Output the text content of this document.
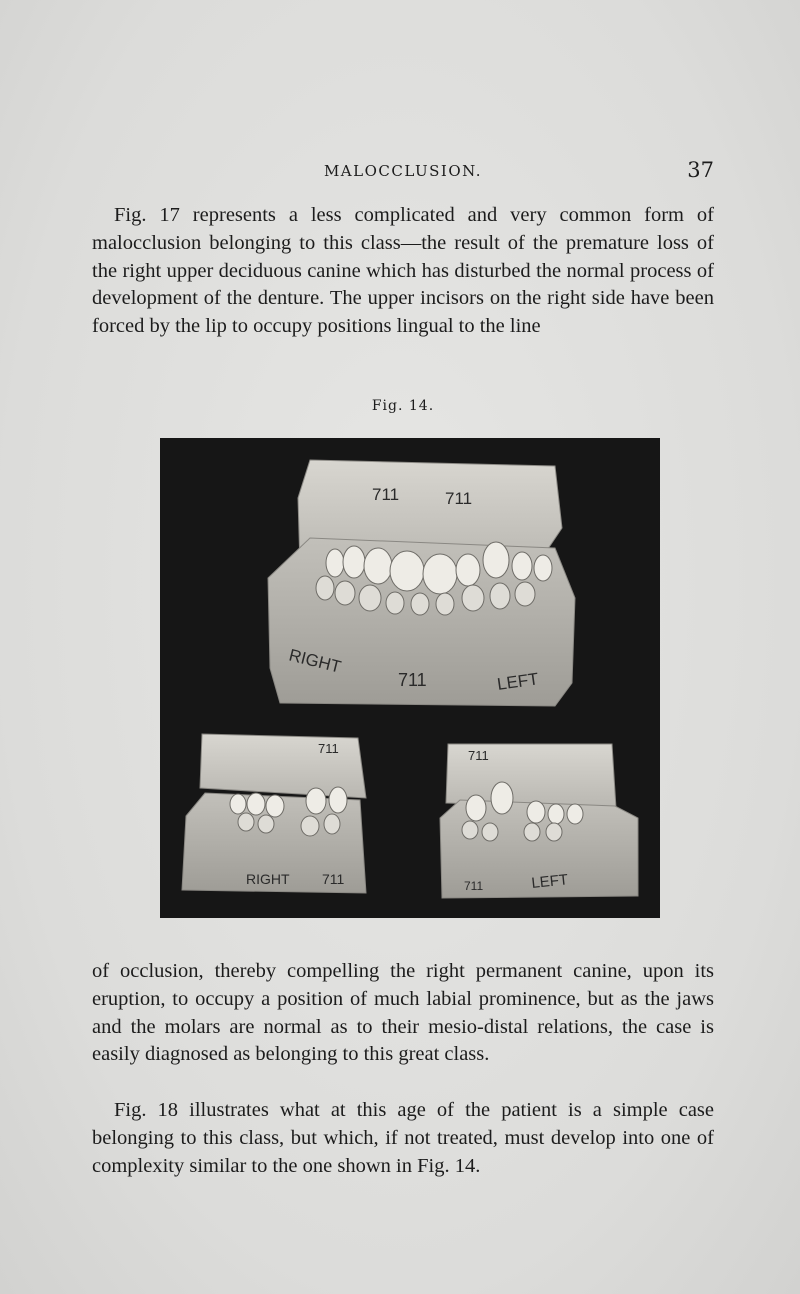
MALOCCLUSION.	37
Fig. 17 represents a less complicated and very common form of malocclusion belonging to this class—the result of the premature loss of the right upper deciduous canine which has disturbed the normal process of development of the denture. The upper incisors on the right side have been forced by the lip to occupy positions lingual to the line
Fig. 14.
711	711
RIGHT
711	LEFT
711
RIGHT 711
711
711	LEFT
of occlusion, thereby compelling the right permanent canine, upon its eruption, to occupy a position of much labial prominence, but as the jaws and the molars are normal as to their mesio-distal relations, the case is easily diagnosed as belonging to this great class.
Fig. 18 illustrates what at this age of the patient is a simple case belonging to this class, but which, if not treated, must develop into one of complexity similar to the one shown in Fig. 14.
